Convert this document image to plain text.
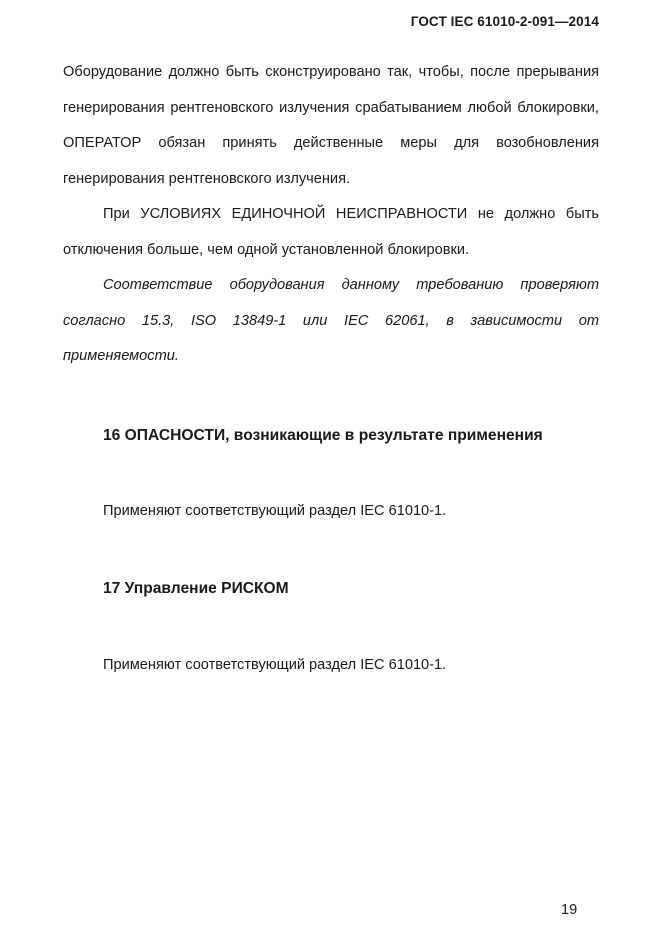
ГОСТ IEC 61010-2-091—2014
Оборудование должно быть сконструировано так, чтобы, после прерывания генерирования рентгеновского излучения срабатыванием любой блокировки, ОПЕРАТОР обязан принять действенные меры для возобновления генерирования рентгеновского излучения.
При УСЛОВИЯХ ЕДИНОЧНОЙ НЕИСПРАВНОСТИ не должно быть отключения больше, чем одной установленной блокировки.
Соответствие оборудования данному требованию проверяют согласно 15.3, ISO 13849-1 или IEC 62061, в зависимости от применяемости.
16 ОПАСНОСТИ, возникающие в результате применения
Применяют соответствующий раздел IEC 61010-1.
17 Управление РИСКОМ
Применяют соответствующий раздел IEC 61010-1.
19
